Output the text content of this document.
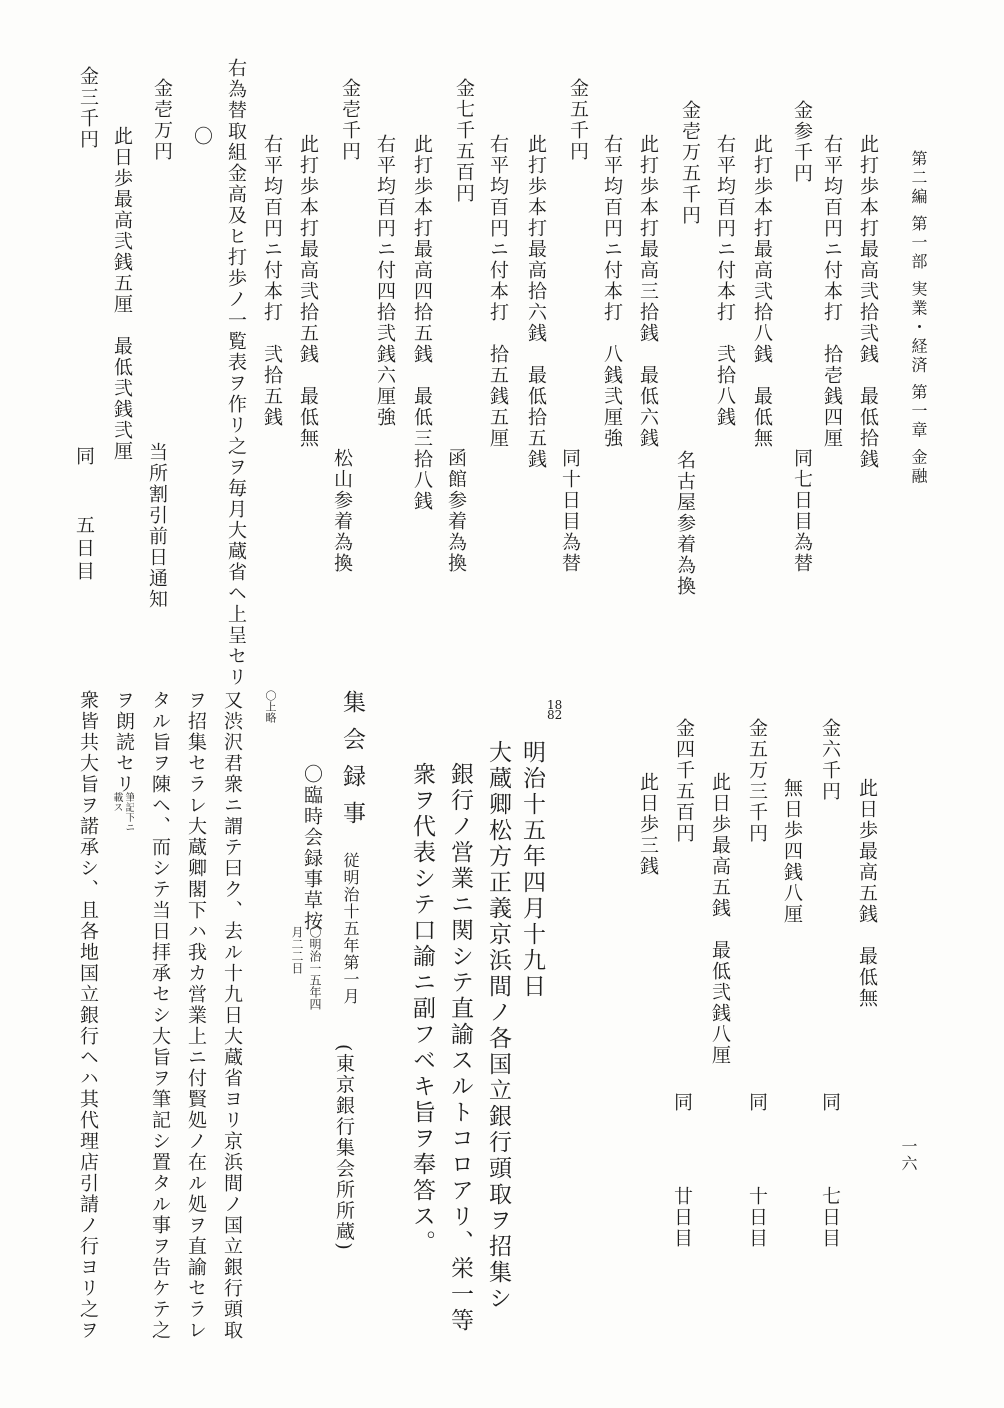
第二編 第一部 実業・経済 第一章 金融
一六
此打歩本打最高弐拾弐銭　最低拾銭
右平均百円ニ付本打　拾壱銭四厘
金参千円
同七日目為替
此打歩本打最高弐拾八銭　最低無
右平均百円ニ付本打　弐拾八銭
金壱万五千円
名古屋参着為換
此打歩本打最高三拾銭　最低六銭
右平均百円ニ付本打　八銭弐厘強
金五千円
同十日目為替
此打歩本打最高拾六銭　最低拾五銭
右平均百円ニ付本打　拾五銭五厘
金七千五百円
函館参着為換
此打歩本打最高四拾五銭　最低三拾八銭
右平均百円ニ付四拾弐銭六厘強
金壱千円
松山参着為換
此打歩本打最高弐拾五銭　最低無
右平均百円ニ付本打　弐拾五銭
右為替取組金高及ヒ打歩ノ一覧表ヲ作リ之ヲ毎月大蔵省ヘ上呈セリ
〇
金壱万円
当所割引前日通知
此日歩最高弐銭五厘　最低弐銭弐厘
金三千円
同　　五日目
此日歩最高五銭　最低無
金六千円
同
七日目
無日歩四銭八厘
金五万三千円
同
十日目
此日歩最高五銭　最低弐銭八厘
金四千五百円
同
廿日目
此日歩三銭
1882
明治十五年四月十九日
大蔵卿松方正義京浜間ノ各国立銀行頭取ヲ招集シ
銀行ノ営業ニ関シテ直諭スルトコロアリ、栄一等
衆ヲ代表シテ口諭ニ副フベキ旨ヲ奉答ス。
集会録事
従明治十五年第一月
(東京銀行集会所所蔵)
〇臨時会録事草按
〇明治一五年四月二二日
〇上略
又渋沢君衆ニ謂テ曰ク、去ル十九日大蔵省ヨリ京浜間ノ国立銀行頭取
ヲ招集セラレ大蔵卿閣下ハ我カ営業上ニ付賢処ノ在ル処ヲ直諭セラレ
タル旨ヲ陳ヘ、而シテ当日拝承セシ大旨ヲ筆記シ置タル事ヲ告ケテ之
ヲ朗読セリ
筆記下ニ載ス
衆皆共大旨ヲ諾承シ、且各地国立銀行ヘハ其代理店引請ノ行ヨリ之ヲ
